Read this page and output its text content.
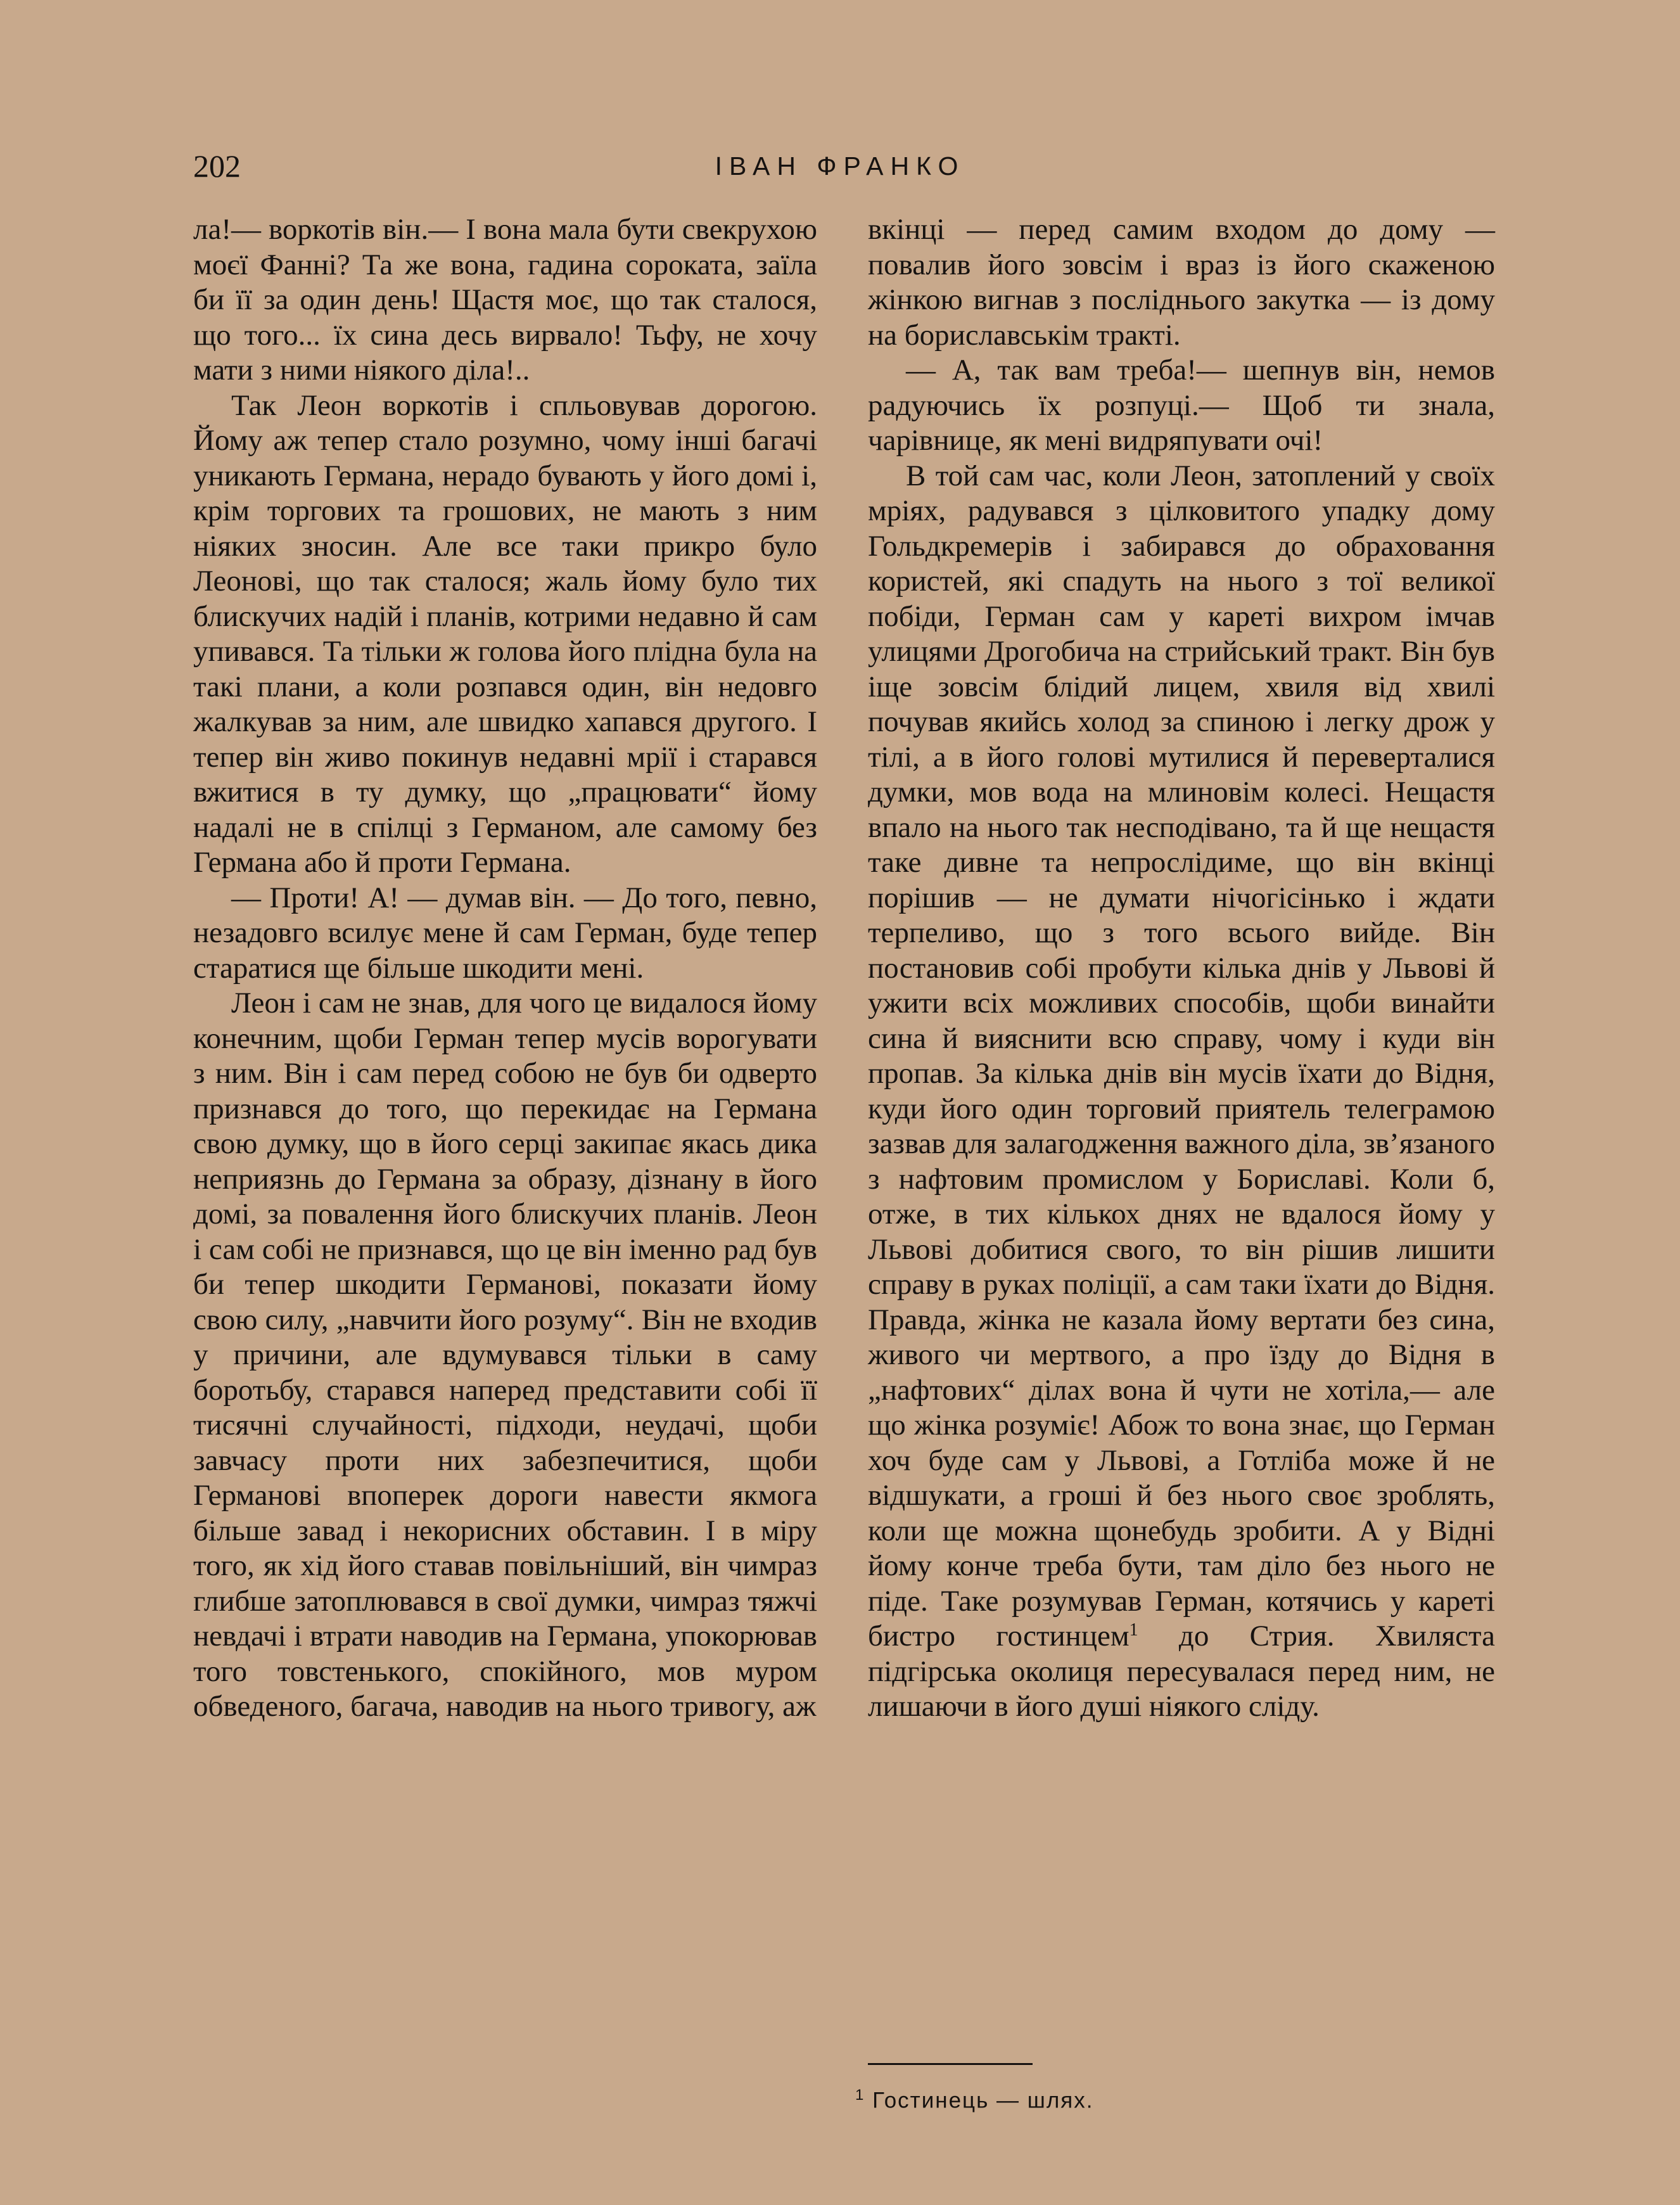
202	ІВАН ФРАНКО

ла!— воркотів він.— І вона мала бути свекрухою моєї Фанні? Та же вона, гадина сороката, заїла би її за один день! Щастя моє, що так сталося, що того... їх сина десь вирвало! Тьфу, не хочу мати з ними ніякого діла!..

Так Леон воркотів і спльовував дорогою. Йому аж тепер стало розумно, чому інші багачі уникають Германа, нерадо бувають у його домі і, крім торгових та грошових, не мають з ним ніяких зносин. Але все таки прикро було Леонові, що так сталося; жаль йому було тих блискучих надій і планів, котрими недавно й сам упивався. Та тільки ж голова його плідна була на такі плани, а коли розпався один, він недовго жалкував за ним, але швидко хапався другого. І тепер він живо покинув недавні мрії і старався вжитися в ту думку, що „працювати“ йому надалі не в спілці з Германом, але самому без Германа або й проти Германа.

— Проти! А! — думав він. — До того, певно, незадовго всилує мене й сам Герман, буде тепер старатися ще більше шкодити мені.

Леон і сам не знав, для чого це видалося йому конечним, щоби Герман тепер мусів ворогувати з ним. Він і сам перед собою не був би одверто признався до того, що перекидає на Германа свою думку, що в його серці закипає якась дика неприязнь до Германа за образу, дізнану в його домі, за повалення його блискучих планів. Леон і сам собі не признався, що це він іменно рад був би тепер шкодити Германові, показати йому свою силу, „навчити його розуму“. Він не входив у причини, але вдумувався тільки в саму боротьбу, старався наперед представити собі її тисячні случайності, підходи, неудачі, щоби завчасу проти них забезпечитися, щоби Германові впоперек дороги навести якмога більше завад і некорисних обставин. І в міру того, як хід його ставав повільніший, він чимраз глибше затоплювався в свої думки, чимраз тяжчі невдачі і втрати наводив на Германа, упокорював того товстенького, спокійного, мов муром обведеного, багача, наводив на нього тривогу, аж

вкінці — перед самим входом до дому — повалив його зовсім і враз із його скаженою жінкою вигнав з посліднього закутка — із дому на бориславськім тракті.

— А, так вам треба!— шепнув він, немов радуючись їх розпуці.— Щоб ти знала, чарівнице, як мені видряпувати очі!

В той сам час, коли Леон, затоплений у своїх мріях, радувався з цілковитого упадку дому Гольдкремерів і забирався до обраховання користей, які спадуть на нього з тої великої побіди, Герман сам у кареті вихром імчав улицями Дрогобича на стрийський тракт. Він був іще зовсім блідий лицем, хвиля від хвилі почував якийсь холод за спиною і легку дрож у тілі, а в його голові мутилися й переверталися думки, мов вода на млиновім колесі. Нещастя впало на нього так несподівано, та й ще нещастя таке дивне та непрослідиме, що він вкінці порішив — не думати нічогісінько і ждати терпеливо, що з того всього вийде. Він постановив собі пробути кілька днів у Львові й ужити всіх можливих способів, щоби винайти сина й вияснити всю справу, чому і куди він пропав. За кілька днів він мусів їхати до Відня, куди його один торговий приятель телеграмою зазвав для залагодження важного діла, зв’язаного з нафтовим промислом у Бориславі. Коли б, отже, в тих кількох днях не вдалося йому у Львові добитися свого, то він рішив лишити справу в руках поліції, а сам таки їхати до Відня. Правда, жінка не казала йому вертати без сина, живого чи мертвого, а про їзду до Відня в „нафтових“ ділах вона й чути не хотіла,— але що жінка розуміє! Абож то вона знає, що Герман хоч буде сам у Львові, а Готліба може й не відшукати, а гроші й без нього своє зроблять, коли ще можна щонебудь зробити. А у Відні йому конче треба бути, там діло без нього не піде. Таке розумував Герман, котячись у кареті бистро гостинцем$^1$ до Стрия. Хвиляста підгірська околиця пересувалася перед ним, не лишаючи в його душі ніякого сліду.

$^1$ Гостинець — шлях.
